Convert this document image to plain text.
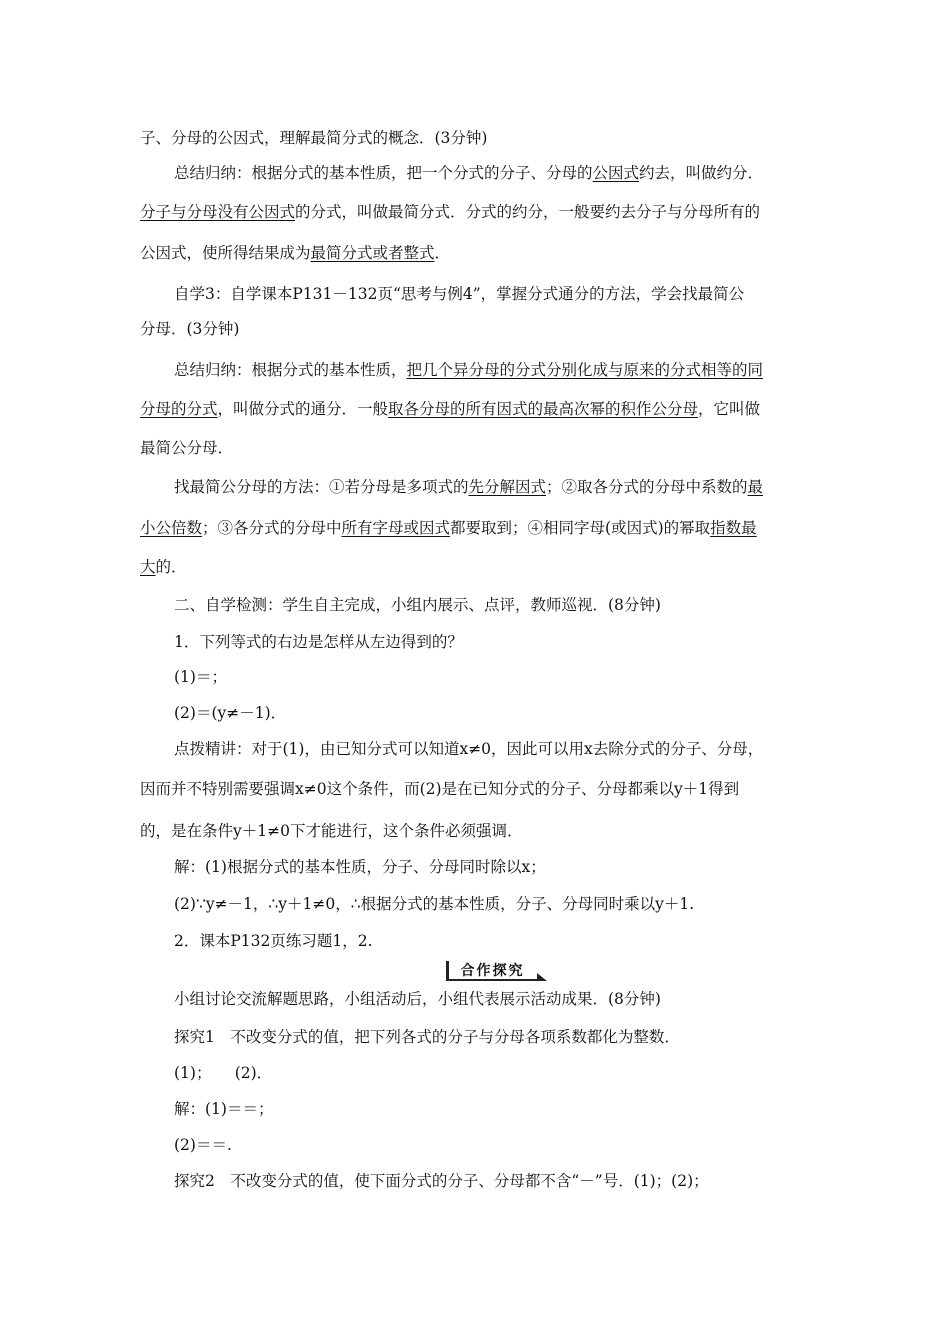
子、分母的公因式，理解最简分式的概念．(3分钟)
总结归纳：根据分式的基本性质，把一个分式的分子、分母的公因式约去，叫做约分．
分子与分母没有公因式的分式，叫做最简分式．分式的约分，一般要约去分子与分母所有的
公因式，使所得结果成为最简分式或者整式．
自学3：自学课本P131－132页“思考与例4”，掌握分式通分的方法，学会找最简公
分母．(3分钟)
总结归纳：根据分式的基本性质，把几个异分母的分式分别化成与原来的分式相等的同
分母的分式，叫做分式的通分．一般取各分母的所有因式的最高次幂的积作公分母，它叫做
最简公分母．
找最简公分母的方法：①若分母是多项式的先分解因式；②取各分式的分母中系数的最
小公倍数；③各分式的分母中所有字母或因式都要取到；④相同字母(或因式)的幂取指数最
大的．
二、自学检测：学生自主完成，小组内展示、点评，教师巡视．(8分钟)
1．下列等式的右边是怎样从左边得到的？
(1)＝；
(2)＝(y≠－1)．
点拨精讲：对于(1)，由已知分式可以知道x≠0，因此可以用x去除分式的分子、分母，
因而并不特别需要强调x≠0这个条件，而(2)是在已知分式的分子、分母都乘以y＋1得到
的，是在条件y＋1≠0下才能进行，这个条件必须强调．
解：(1)根据分式的基本性质，分子、分母同时除以x；
(2)∵y≠－1，∴y＋1≠0，∴根据分式的基本性质，分子、分母同时乘以y＋1.
2．课本P132页练习题1，2.
合作探究
小组讨论交流解题思路，小组活动后，小组代表展示活动成果．(8分钟)
探究1　不改变分式的值，把下列各式的分子与分母各项系数都化为整数．
(1)；　　(2)．
解：(1)＝＝；
(2)＝＝.
探究2　不改变分式的值，使下面分式的分子、分母都不含“－”号．(1)；(2)；
